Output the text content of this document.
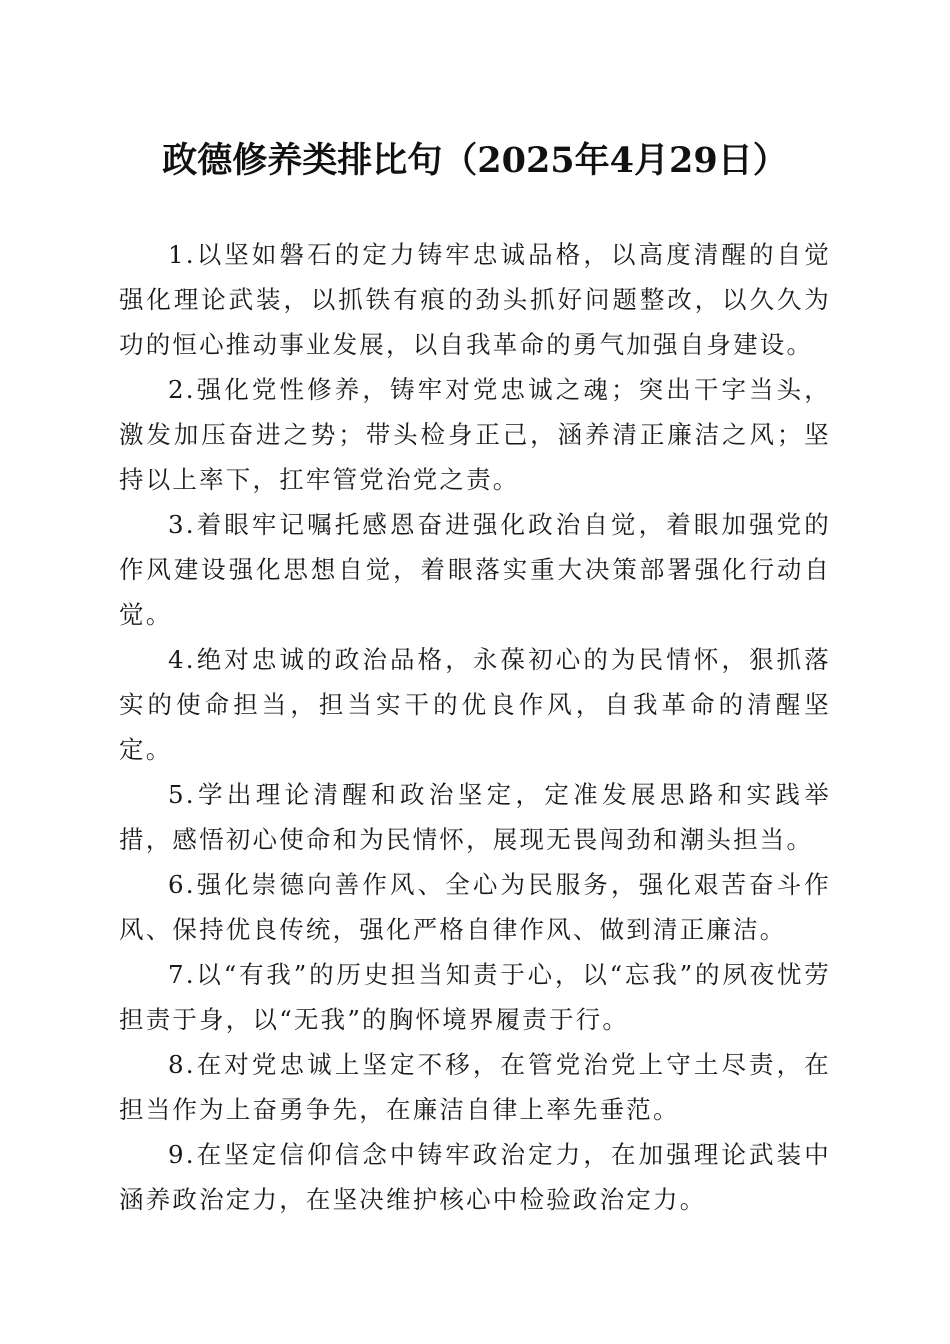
政德修养类排比句（2025年4月29日）

1.以坚如磐石的定力铸牢忠诚品格，以高度清醒的自觉强化理论武装，以抓铁有痕的劲头抓好问题整改，以久久为功的恒心推动事业发展，以自我革命的勇气加强自身建设。

2.强化党性修养，铸牢对党忠诚之魂；突出干字当头，激发加压奋进之势；带头检身正己，涵养清正廉洁之风；坚持以上率下，扛牢管党治党之责。

3.着眼牢记嘱托感恩奋进强化政治自觉，着眼加强党的作风建设强化思想自觉，着眼落实重大决策部署强化行动自觉。

4.绝对忠诚的政治品格，永葆初心的为民情怀，狠抓落实的使命担当，担当实干的优良作风，自我革命的清醒坚定。

5.学出理论清醒和政治坚定，定准发展思路和实践举措，感悟初心使命和为民情怀，展现无畏闯劲和潮头担当。

6.强化崇德向善作风、全心为民服务，强化艰苦奋斗作风、保持优良传统，强化严格自律作风、做到清正廉洁。

7.以“有我”的历史担当知责于心，以“忘我”的夙夜忧劳担责于身，以“无我”的胸怀境界履责于行。

8.在对党忠诚上坚定不移，在管党治党上守土尽责，在担当作为上奋勇争先，在廉洁自律上率先垂范。

9.在坚定信仰信念中铸牢政治定力，在加强理论武装中涵养政治定力，在坚决维护核心中检验政治定力。
